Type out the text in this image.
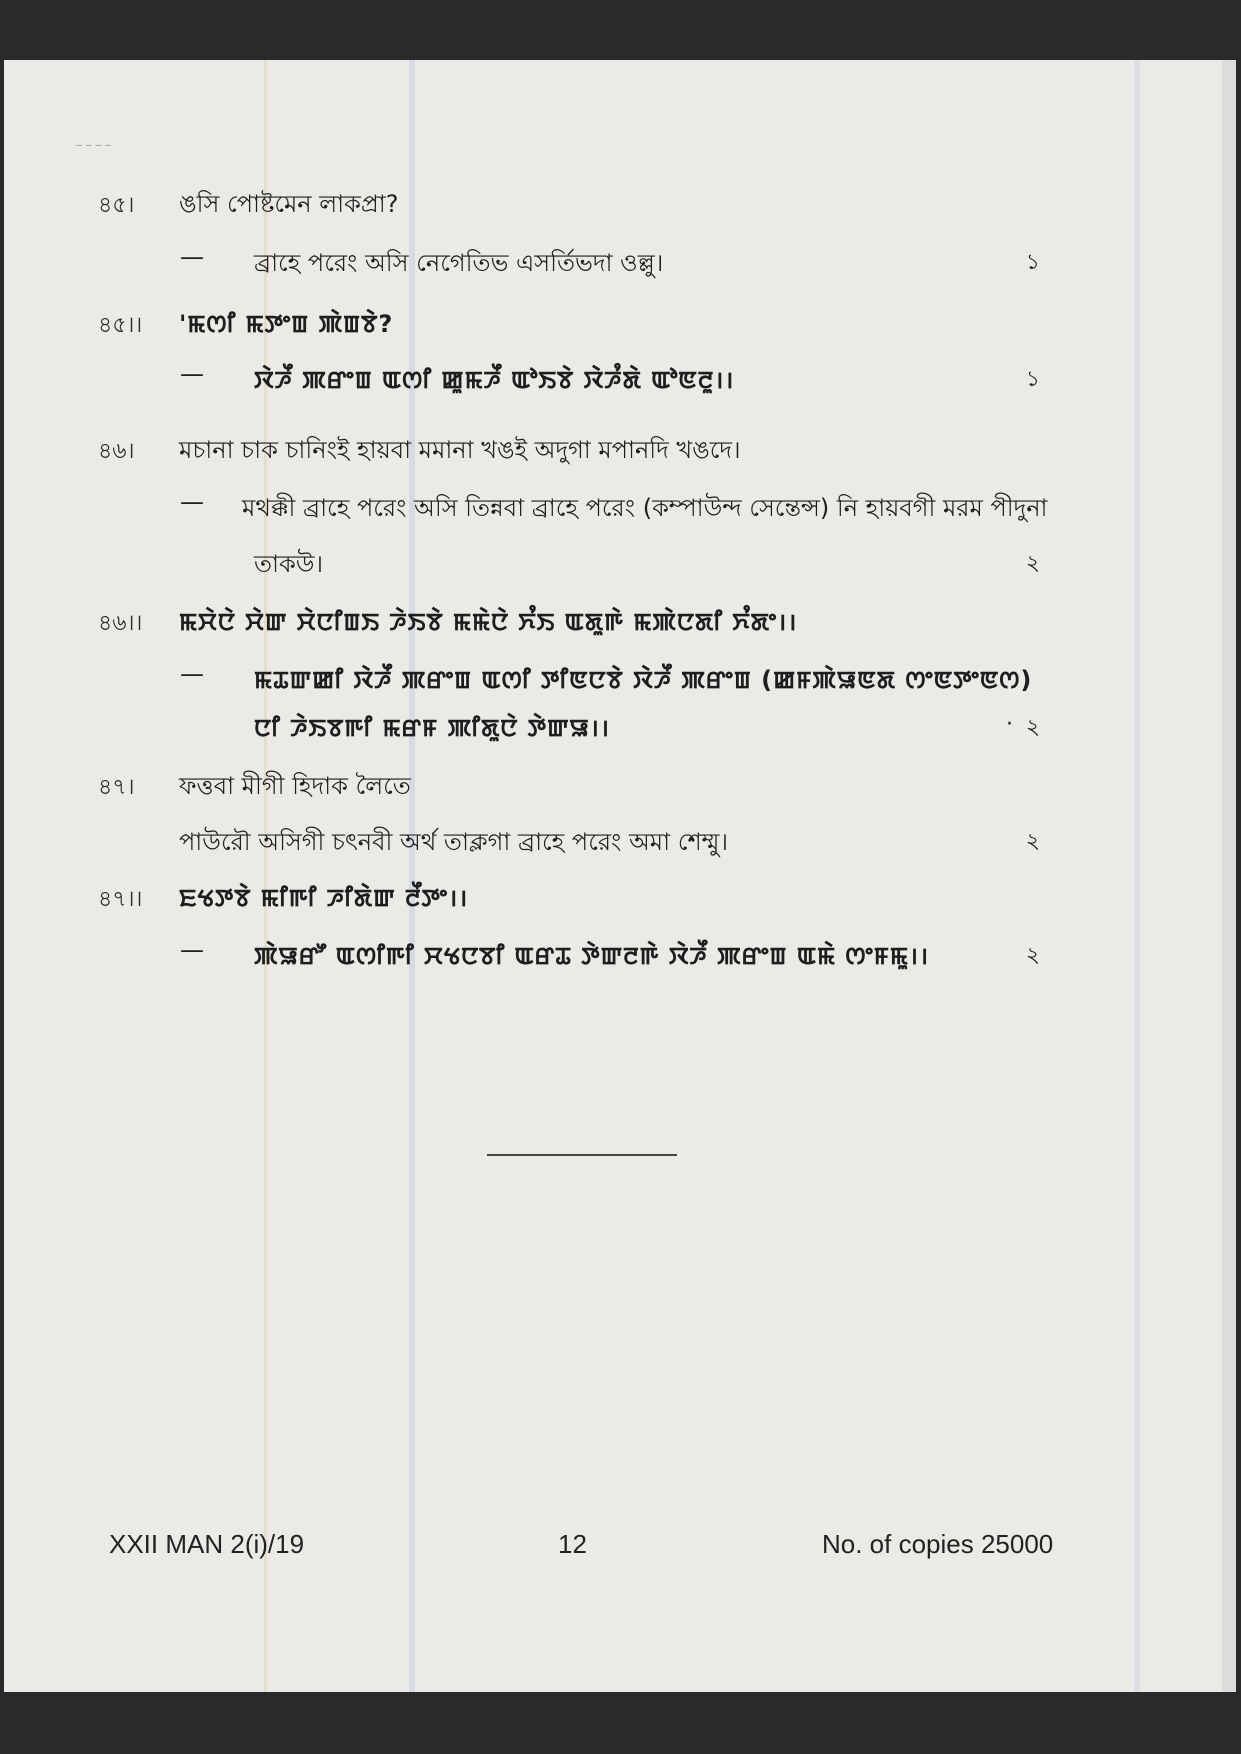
‒ ‒ ‒ ‒
৪৫। ঙসি পোষ্টমেন লাকপ্রা?
— ব্রাহে পরেং অসি নেগেতিভ এসর্তিভদা ওল্লু।	১
৪৫।। 'ꯃꯁꯤ ꯃꯇꯦꯡ ꯄꯥꯡꯕꯥ?
— ꯋꯥꯍꯩ ꯄꯔꯦꯡ ꯑꯁꯤ ꯀꯨꯃꯍꯩ ꯑꯣꯏꯕꯥ ꯋꯥꯍꯪꯗꯥ ꯑꯣꯟꯂꯨ।।	১
৪৬। মচানা চাক চানিংই হায়বা মমানা খঙই অদুগা মপানদি খঙদে।
— মথক্কী ব্রাহে পরেং অসি তিন্নবা ব্রাহে পরেং (কম্পাউন্দ সেন্তেন্স) নি হায়বগী মরম পীদুনা
তাকউ।	২
৪৬।। ꯃꯆꯥꯅꯥ ꯆꯥꯛ ꯆꯥꯅꯤꯡꯏ ꯍꯥꯏꯕꯥ ꯃꯃꯥꯅꯥ ꯈꯪꯏ ꯑꯗꯨꯒꯥ ꯃꯄꯥꯅꯗꯤ ꯈꯪꯗꯦ।।
— ꯃꯊꯛꯀꯤ ꯋꯥꯍꯩ ꯄꯔꯦꯡ ꯑꯁꯤ ꯇꯤꯟꯅꯕꯥ ꯋꯥꯍꯩ ꯄꯔꯦꯡ (ꯀꯝꯄꯥꯎꯟꯗ ꯁꯦꯟꯇꯦꯟꯁ)
ꯅꯤ ꯍꯥꯏꯕꯒꯤ ꯃꯔꯝ ꯄꯤꯗꯨꯅꯥ ꯇꯥꯛꯎ।।	· ২
৪৭। ফত্তবা মীগী হিদাক লৈতে
পাউরৌ অসিগী চৎনবী অর্থ তাক্লগা ব্রাহে পরেং অমা শেম্মু।	২
৪৭।। ꯐꯠꯇꯕꯥ ꯃꯤꯒꯤ ꯍꯤꯗꯥꯛ ꯂꯩꯇꯦ।।
— ꯄꯥꯎꯔꯧ ꯑꯁꯤꯒꯤ ꯆꯠꯅꯕꯤ ꯑꯔꯊ ꯇꯥꯛꯂꯒꯥ ꯋꯥꯍꯩ ꯄꯔꯦꯡ ꯑꯃꯥ ꯁꯦꯝꯃꯨ।।	২
XXII MAN 2(i)/19	12	No. of copies 25000
